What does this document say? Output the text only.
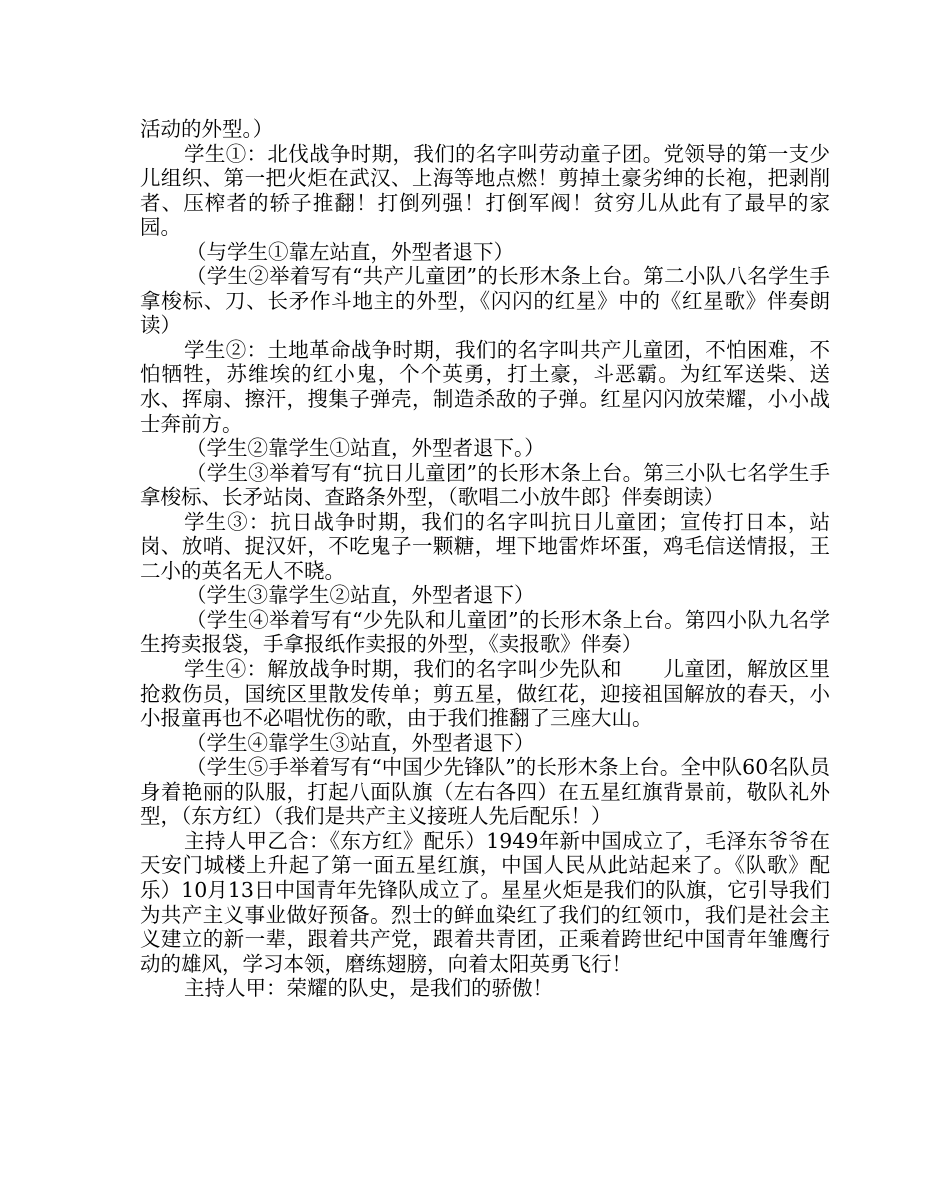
活动的外型。）

学生①：北伐战争时期，我们的名字叫劳动童子团。党领导的第一支少儿组织、第一把火炬在武汉、上海等地点燃！剪掉土豪劣绅的长袍，把剥削者、压榨者的轿子推翻！打倒列强！打倒军阀！贫穷儿从此有了最早的家园。

（与学生①靠左站直，外型者退下）

（学生②举着写有“共产儿童团”的长形木条上台。第二小队八名学生手拿梭标、刀、长矛作斗地主的外型，《闪闪的红星》中的《红星歌》伴奏朗读）

学生②：土地革命战争时期，我们的名字叫共产儿童团，不怕困难，不怕牺牲，苏维埃的红小鬼，个个英勇，打土豪，斗恶霸。为红军送柴、送水、挥扇、擦汗，搜集子弹壳，制造杀敌的子弹。红星闪闪放荣耀，小小战士奔前方。

（学生②靠学生①站直，外型者退下。）

（学生③举着写有“抗日儿童团”的长形木条上台。第三小队七名学生手拿梭标、长矛站岗、查路条外型，（歌唱二小放牛郎｝伴奏朗读）

学生③：抗日战争时期，我们的名字叫抗日儿童团；宣传打日本，站岗、放哨、捉汉奸，不吃鬼子一颗糖，埋下地雷炸坏蛋，鸡毛信送情报，王二小的英名无人不晓。

（学生③靠学生②站直，外型者退下）

（学生④举着写有“少先队和儿童团”的长形木条上台。第四小队九名学生挎卖报袋，手拿报纸作卖报的外型，《卖报歌》伴奏）

学生④：解放战争时期，我们的名字叫少先队和　　儿童团，解放区里抢救伤员，国统区里散发传单；剪五星，做红花，迎接祖国解放的春天，小小报童再也不必唱忧伤的歌，由于我们推翻了三座大山。

（学生④靠学生③站直，外型者退下）

（学生⑤手举着写有“中国少先锋队”的长形木条上台。全中队60名队员身着艳丽的队服，打起八面队旗（左右各四）在五星红旗背景前，敬队礼外型，（东方红）（我们是共产主义接班人先后配乐！）

主持人甲乙合：《东方红》配乐）1949年新中国成立了，毛泽东爷爷在天安门城楼上升起了第一面五星红旗，中国人民从此站起来了。《队歌》配乐）10月13日中国青年先锋队成立了。星星火炬是我们的队旗，它引导我们为共产主义事业做好预备。烈士的鲜血染红了我们的红领巾，我们是社会主义建立的新一辈，跟着共产党，跟着共青团，正乘着跨世纪中国青年雏鹰行动的雄风，学习本领，磨练翅膀，向着太阳英勇飞行！

主持人甲：荣耀的队史，是我们的骄傲！
